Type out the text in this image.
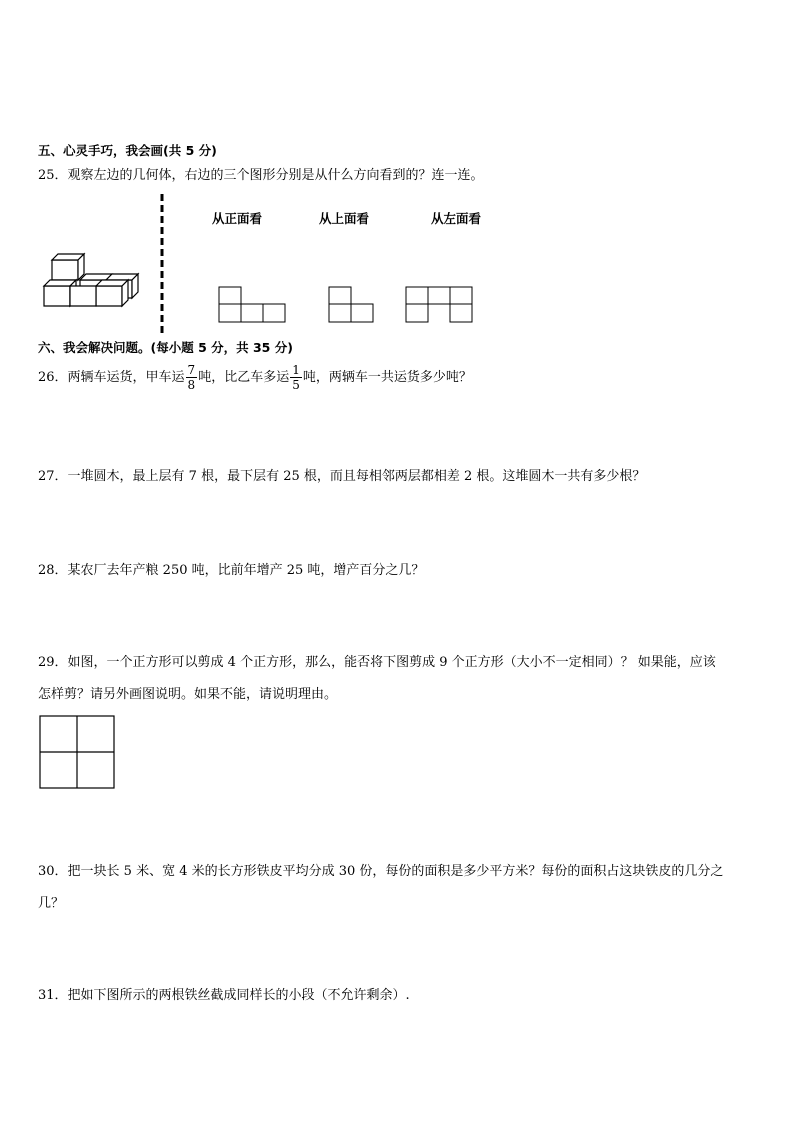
五、心灵手巧，我会画(共 5 分)
25．观察左边的几何体，右边的三个图形分别是从什么方向看到的？连一连。
从正面看	从上面看	从左面看
六、我会解决问题。(每小题 5 分，共 35 分)
26．两辆车运货，甲车运 $\frac{7}{8}$ 吨，比乙车多运 $\frac{1}{5}$ 吨，两辆车一共运货多少吨？
27．一堆圆木，最上层有 7 根，最下层有 25 根，而且每相邻两层都相差 2 根。这堆圆木一共有多少根？
28．某农厂去年产粮 250 吨，比前年增产 25 吨，增产百分之几？
29．如图，一个正方形可以剪成 4 个正方形，那么，能否将下图剪成 9 个正方形（大小不一定相同）？ 如果能，应该
怎样剪？请另外画图说明。如果不能，请说明理由。
30．把一块长 5 米、宽 4 米的长方形铁皮平均分成 30 份，每份的面积是多少平方米？每份的面积占这块铁皮的几分之
几？
31．把如下图所示的两根铁丝截成同样长的小段（不允许剩余）.
